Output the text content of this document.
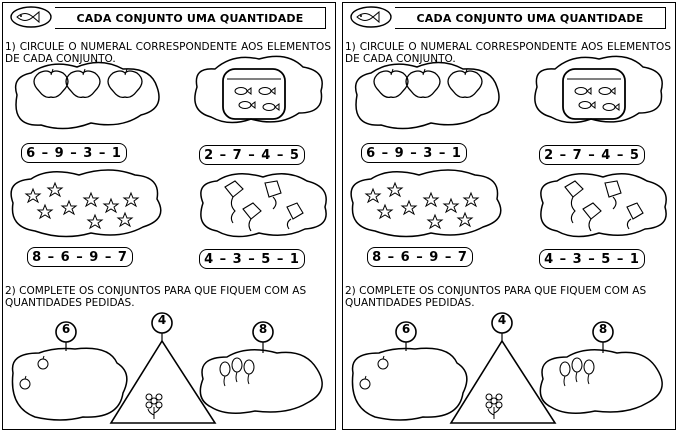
CADA CONJUNTO UMA QUANTIDADE
1) CIRCULE O NUMERAL CORRESPONDENTE AOS ELEMENTOS DE CADA CONJUNTO.
6 – 9 – 3 – 1	2 – 7 – 4 – 5
8 – 6 – 9 – 7	4 – 3 – 5 – 1
2) COMPLETE OS CONJUNTOS PARA QUE FIQUEM COM AS QUANTIDADES PEDIDAS.
6
4
8
CADA CONJUNTO UMA QUANTIDADE
1) CIRCULE O NUMERAL CORRESPONDENTE AOS ELEMENTOS DE CADA CONJUNTO.
6 – 9 – 3 – 1	2 – 7 – 4 – 5
8 – 6 – 9 – 7	4 – 3 – 5 – 1
2) COMPLETE OS CONJUNTOS PARA QUE FIQUEM COM AS QUANTIDADES PEDIDAS.
6
4
8
